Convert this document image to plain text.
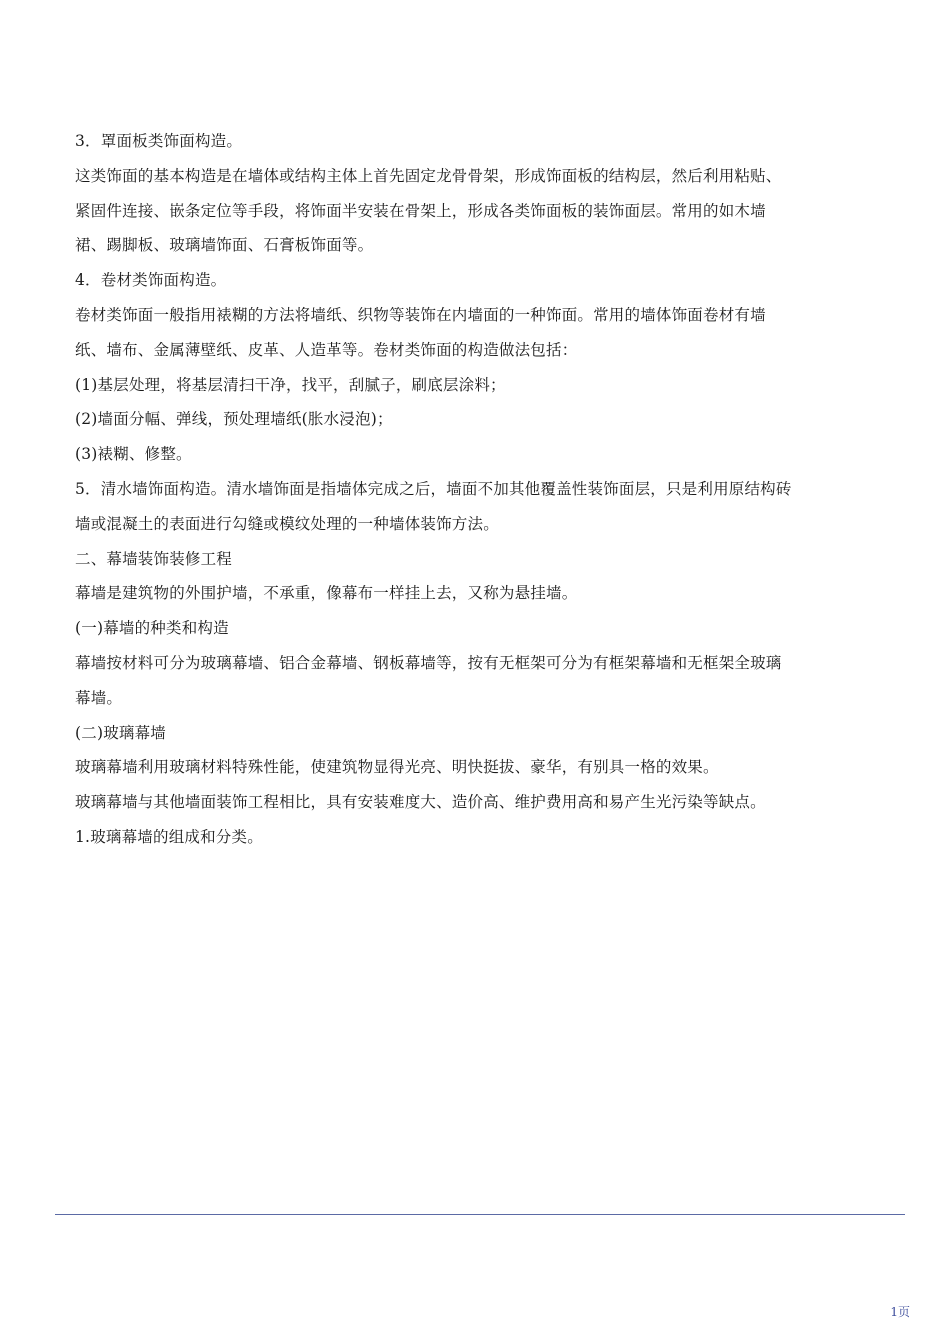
3．罩面板类饰面构造。
这类饰面的基本构造是在墙体或结构主体上首先固定龙骨骨架，形成饰面板的结构层，然后利用粘贴、
紧固件连接、嵌条定位等手段，将饰面半安装在骨架上，形成各类饰面板的装饰面层。常用的如木墙
裙、踢脚板、玻璃墙饰面、石膏板饰面等。
4．卷材类饰面构造。
卷材类饰面一般指用裱糊的方法将墙纸、织物等装饰在内墙面的一种饰面。常用的墙体饰面卷材有墙
纸、墙布、金属薄壁纸、皮革、人造革等。卷材类饰面的构造做法包括：
(1)基层处理，将基层清扫干净，找平，刮腻子，刷底层涂料；
(2)墙面分幅、弹线，预处理墙纸(胀水浸泡)；
(3)裱糊、修整。
5．清水墙饰面构造。清水墙饰面是指墙体完成之后，墙面不加其他覆盖性装饰面层，只是利用原结构砖
墙或混凝土的表面进行勾缝或模纹处理的一种墙体装饰方法。
二、幕墙装饰装修工程
幕墙是建筑物的外围护墙，不承重，像幕布一样挂上去，又称为悬挂墙。
(一)幕墙的种类和构造
幕墙按材料可分为玻璃幕墙、铝合金幕墙、钢板幕墙等，按有无框架可分为有框架幕墙和无框架全玻璃
幕墙。
(二)玻璃幕墙
玻璃幕墙利用玻璃材料特殊性能，使建筑物显得光亮、明快挺拔、豪华，有别具一格的效果。
玻璃幕墙与其他墙面装饰工程相比，具有安装难度大、造价高、维护费用高和易产生光污染等缺点。
1.玻璃幕墙的组成和分类。
1页
